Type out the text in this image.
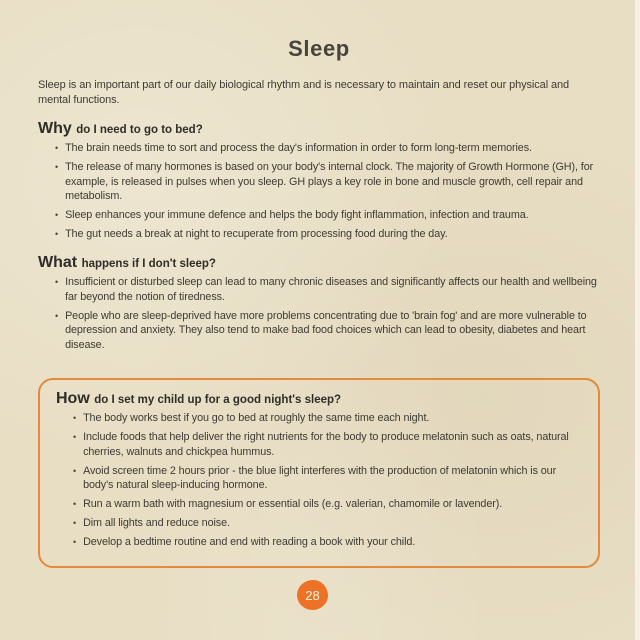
Sleep

Sleep is an important part of our daily biological rhythm and is necessary to maintain and reset our physical and mental functions.

Why do I need to go to bed?
• The brain needs time to sort and process the day's information in order to form long-term memories.
• The release of many hormones is based on your body's internal clock. The majority of Growth Hormone (GH), for example, is released in pulses when you sleep. GH plays a key role in bone and muscle growth, cell repair and metabolism.
• Sleep enhances your immune defence and helps the body fight inflammation, infection and trauma.
• The gut needs a break at night to recuperate from processing food during the day.
What happens if I don't sleep?
• Insufficient or disturbed sleep can lead to many chronic diseases and significantly affects our health and wellbeing far beyond the notion of tiredness.
• People who are sleep-deprived have more problems concentrating due to 'brain fog' and are more vulnerable to depression and anxiety. They also tend to make bad food choices which can lead to obesity, diabetes and heart disease.
How do I set my child up for a good night's sleep?
• The body works best if you go to bed at roughly the same time each night.
• Include foods that help deliver the right nutrients for the body to produce melatonin such as oats, natural cherries, walnuts and chickpea hummus.
• Avoid screen time 2 hours prior - the blue light interferes with the production of melatonin which is our body's natural sleep-inducing hormone.
• Run a warm bath with magnesium or essential oils (e.g. valerian, chamomile or lavender).
• Dim all lights and reduce noise.
• Develop a bedtime routine and end with reading a book with your child.
28
